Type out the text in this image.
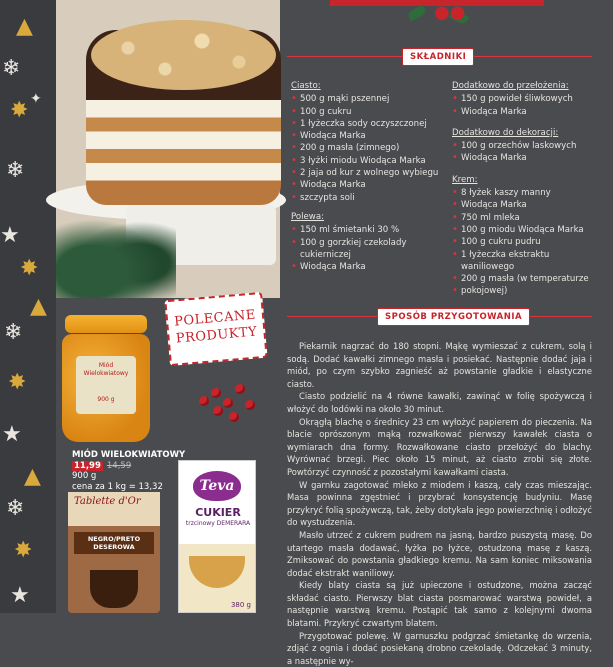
▲
❄
✸ ✦
❄
★
✸
▲
❄
✸
★
▲
❄
✸
★
●●
SKŁADNIKI
Ciasto:
• 500 g mąki pszennej
• 100 g cukru
• 1 łyżeczka sody oczyszczonej
• Wiodąca Marka
• 200 g masła (zimnego)
• 3 łyżki miodu Wiodąca Marka
• 2 jaja od kur z wolnego wybiegu
• Wiodąca Marka
• szczypta soli
Polewa:
• 150 ml śmietanki 30 %
• 100 g gorzkiej czekolady cukierniczej
• Wiodąca Marka
Dodatkowo do przełożenia:
• 150 g powideł śliwkowych
• Wiodąca Marka
Dodatkowo do dekoracji:
• 100 g orzechów laskowych
• Wiodąca Marka
Krem:
• 8 łyżek kaszy manny
• Wiodąca Marka
• 750 ml mleka
• 100 g miodu Wiodąca Marka
• 100 g cukru pudru
• 1 łyżeczka ekstraktu waniliowego
• 200 g masła (w temperaturze
• pokojowej)
SPOSÓB PRZYGOTOWANIA

Piekarnik nagrzać do 180 stopni. Mąkę wymieszać z cukrem, solą i sodą. Dodać kawałki zimnego masła i posiekać. Następnie dodać jaja i miód, po czym szybko zagnieść aż powstanie gładkie i elastyczne ciasto.

Ciasto podzielić na 4 równe kawałki, zawinąć w folię spożywczą i włożyć do lodówki na około 30 minut.

Okrągłą blachę o średnicy 23 cm wyłożyć papierem do pieczenia. Na blacie oprószonym mąką rozwałkować pierwszy kawałek ciasta o wymiarach dna formy. Rozwałkowane ciasto przełożyć do blachy. Wyrównać brzegi. Piec około 15 minut, aż ciasto zrobi się złote. Powtórzyć czynność z pozostałymi kawałkami ciasta.

W garnku zagotować mleko z miodem i kaszą, cały czas mieszając. Masa powinna zgęstnieć i przybrać konsystencję budyniu. Masę przykryć folią spożywczą, tak, żeby dotykała jego powierzchnię i odłożyć do wystudzenia.

Masło utrzeć z cukrem pudrem na jasną, bardzo puszystą masę. Do utartego masła dodawać, łyżka po łyżce, ostudzoną masę z kaszą. Zmiksować do powstania gładkiego kremu. Na sam koniec miksowania dodać ekstrakt waniliowy.

Kiedy blaty ciasta są już upieczone i ostudzone, można zacząć składać ciasto. Pierwszy blat ciasta posmarować warstwą powideł, a następnie warstwą kremu. Postąpić tak samo z kolejnymi dwoma blatami. Przykryć czwartym blatem.

Przygotować polewę. W garnuszku podgrzać śmietankę do wrzenia, zdjąć z ognia i dodać posiekaną drobno czekoladę. Odczekać 3 minuty, a następnie wy-

POLECANE
PRODUKTY
Miód Wielokwiatowy
900 g
MIÓD WIELOKWIATOWY
11,99 14,59
900 g
cena za 1 kg = 13,32
Tablette d'Or
NEGRO/PRETO DESEROWA
Teva
CUKIER
trzcinowy DEMERARA
380 g
